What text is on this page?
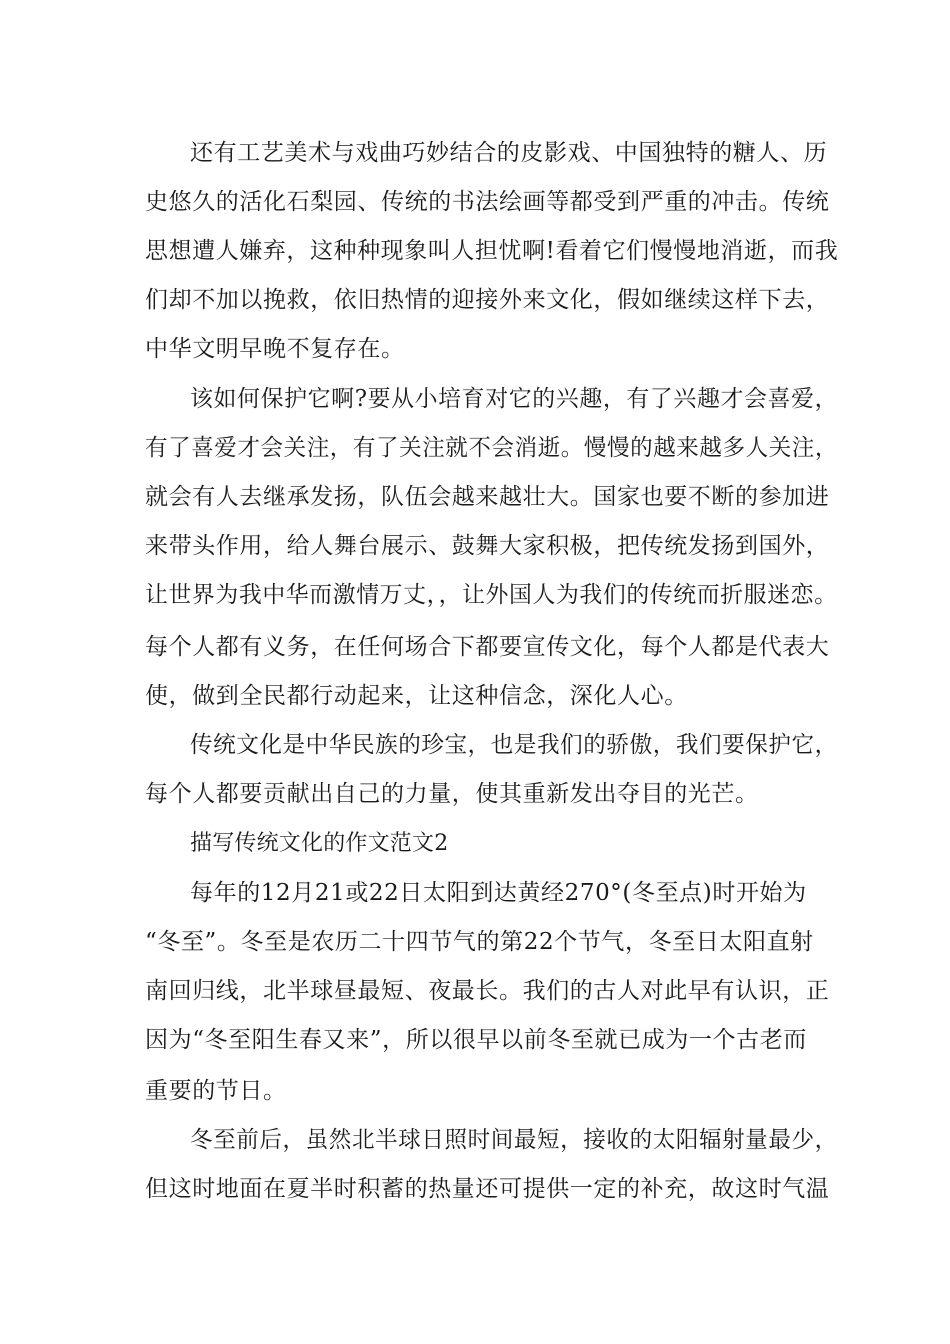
还有工艺美术与戏曲巧妙结合的皮影戏、中国独特的糖人、历
史悠久的活化石梨园、传统的书法绘画等都受到严重的冲击。传统
思想遭人嫌弃，这种种现象叫人担忧啊!看着它们慢慢地消逝，而我
们却不加以挽救，依旧热情的迎接外来文化，假如继续这样下去，
中华文明早晚不复存在。
该如何保护它啊?要从小培育对它的兴趣，有了兴趣才会喜爱，
有了喜爱才会关注，有了关注就不会消逝。慢慢的越来越多人关注，
就会有人去继承发扬，队伍会越来越壮大。国家也要不断的参加进
来带头作用，给人舞台展示、鼓舞大家积极，把传统发扬到国外，
让世界为我中华而激情万丈，，让外国人为我们的传统而折服迷恋。
每个人都有义务，在任何场合下都要宣传文化，每个人都是代表大
使，做到全民都行动起来，让这种信念，深化人心。
传统文化是中华民族的珍宝，也是我们的骄傲，我们要保护它，
每个人都要贡献出自己的力量，使其重新发出夺目的光芒。
描写传统文化的作文范文2
每年的12月21或22日太阳到达黄经270°(冬至点)时开始为
“冬至”。冬至是农历二十四节气的第22个节气，冬至日太阳直射
南回归线，北半球昼最短、夜最长。我们的古人对此早有认识，正
因为“冬至阳生春又来”，所以很早以前冬至就已成为一个古老而
重要的节日。
冬至前后，虽然北半球日照时间最短，接收的太阳辐射量最少，
但这时地面在夏半时积蓄的热量还可提供一定的补充，故这时气温
